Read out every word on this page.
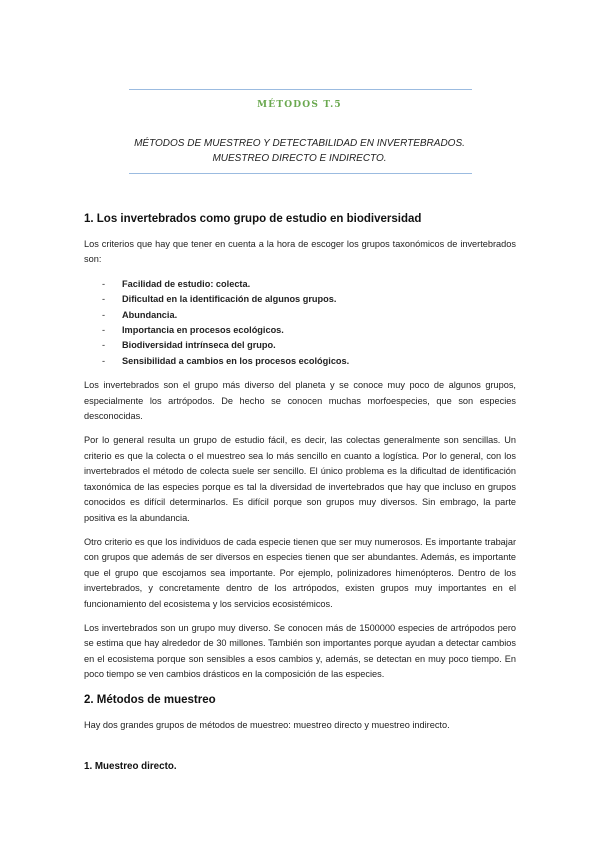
MÉTODOS T.5
MÉTODOS DE MUESTREO Y DETECTABILIDAD EN INVERTEBRADOS.
MUESTREO DIRECTO E INDIRECTO.
1. Los invertebrados como grupo de estudio en biodiversidad

Los criterios que hay que tener en cuenta a la hora de escoger los grupos taxonómicos de invertebrados son:

- Facilidad de estudio: colecta.
- Dificultad en la identificación de algunos grupos.
- Abundancia.
- Importancia en procesos ecológicos.
- Biodiversidad intrínseca del grupo.
- Sensibilidad a cambios en los procesos ecológicos.

Los invertebrados son el grupo más diverso del planeta y se conoce muy poco de algunos grupos, especialmente los artrópodos. De hecho se conocen muchas morfoespecies, que son especies desconocidas.

Por lo general resulta un grupo de estudio fácil, es decir, las colectas generalmente son sencillas. Un criterio es que la colecta o el muestreo sea lo más sencillo en cuanto a logística. Por lo general, con los invertebrados el método de colecta suele ser sencillo. El único problema es la dificultad de identificación taxonómica de las especies porque es tal la diversidad de invertebrados que hay que incluso en grupos conocidos es difícil determinarlos. Es difícil porque son grupos muy diversos. Sin embrago, la parte positiva es la abundancia.

Otro criterio es que los individuos de cada especie tienen que ser muy numerosos. Es importante trabajar con grupos que además de ser diversos en especies tienen que ser abundantes. Además, es importante que el grupo que escojamos sea importante. Por ejemplo, polinizadores himenópteros. Dentro de los invertebrados, y concretamente dentro de los artrópodos, existen grupos muy importantes en el funcionamiento del ecosistema y los servicios ecosistémicos.

Los invertebrados son un grupo muy diverso. Se conocen más de 1500000 especies de artrópodos pero se estima que hay alrededor de 30 millones. También son importantes porque ayudan a detectar cambios en el ecosistema porque son sensibles a esos cambios y, además, se detectan en muy poco tiempo. En poco tiempo se ven cambios drásticos en la composición de las especies.

2. Métodos de muestreo

Hay dos grandes grupos de métodos de muestreo: muestreo directo y muestreo indirecto.

1. Muestreo directo.
